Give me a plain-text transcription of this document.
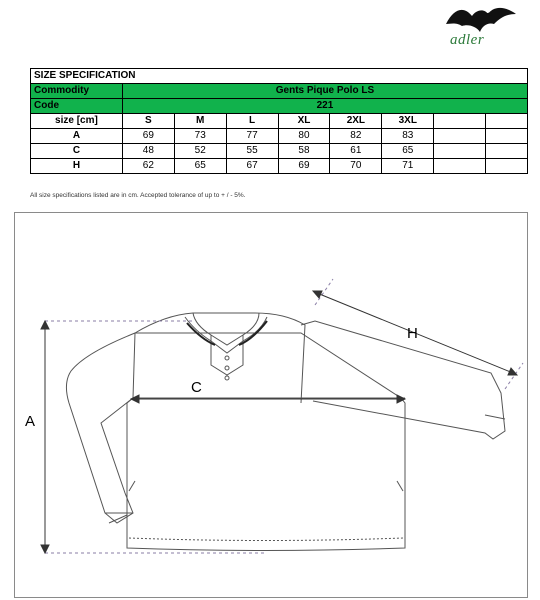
adler
SIZE SPECIFICATION								
Commodity	Gents Pique Polo LS							
Code	221							
size [cm]	S	M	L	XL	2XL	3XL		
A	69	73	77	80	82	83		
C	48	52	55	58	61	65		
H	62	65	67	69	70	71		
All size specifications listed are in cm. Accepted tolerance of up to + / - 5%.
A
C
H
